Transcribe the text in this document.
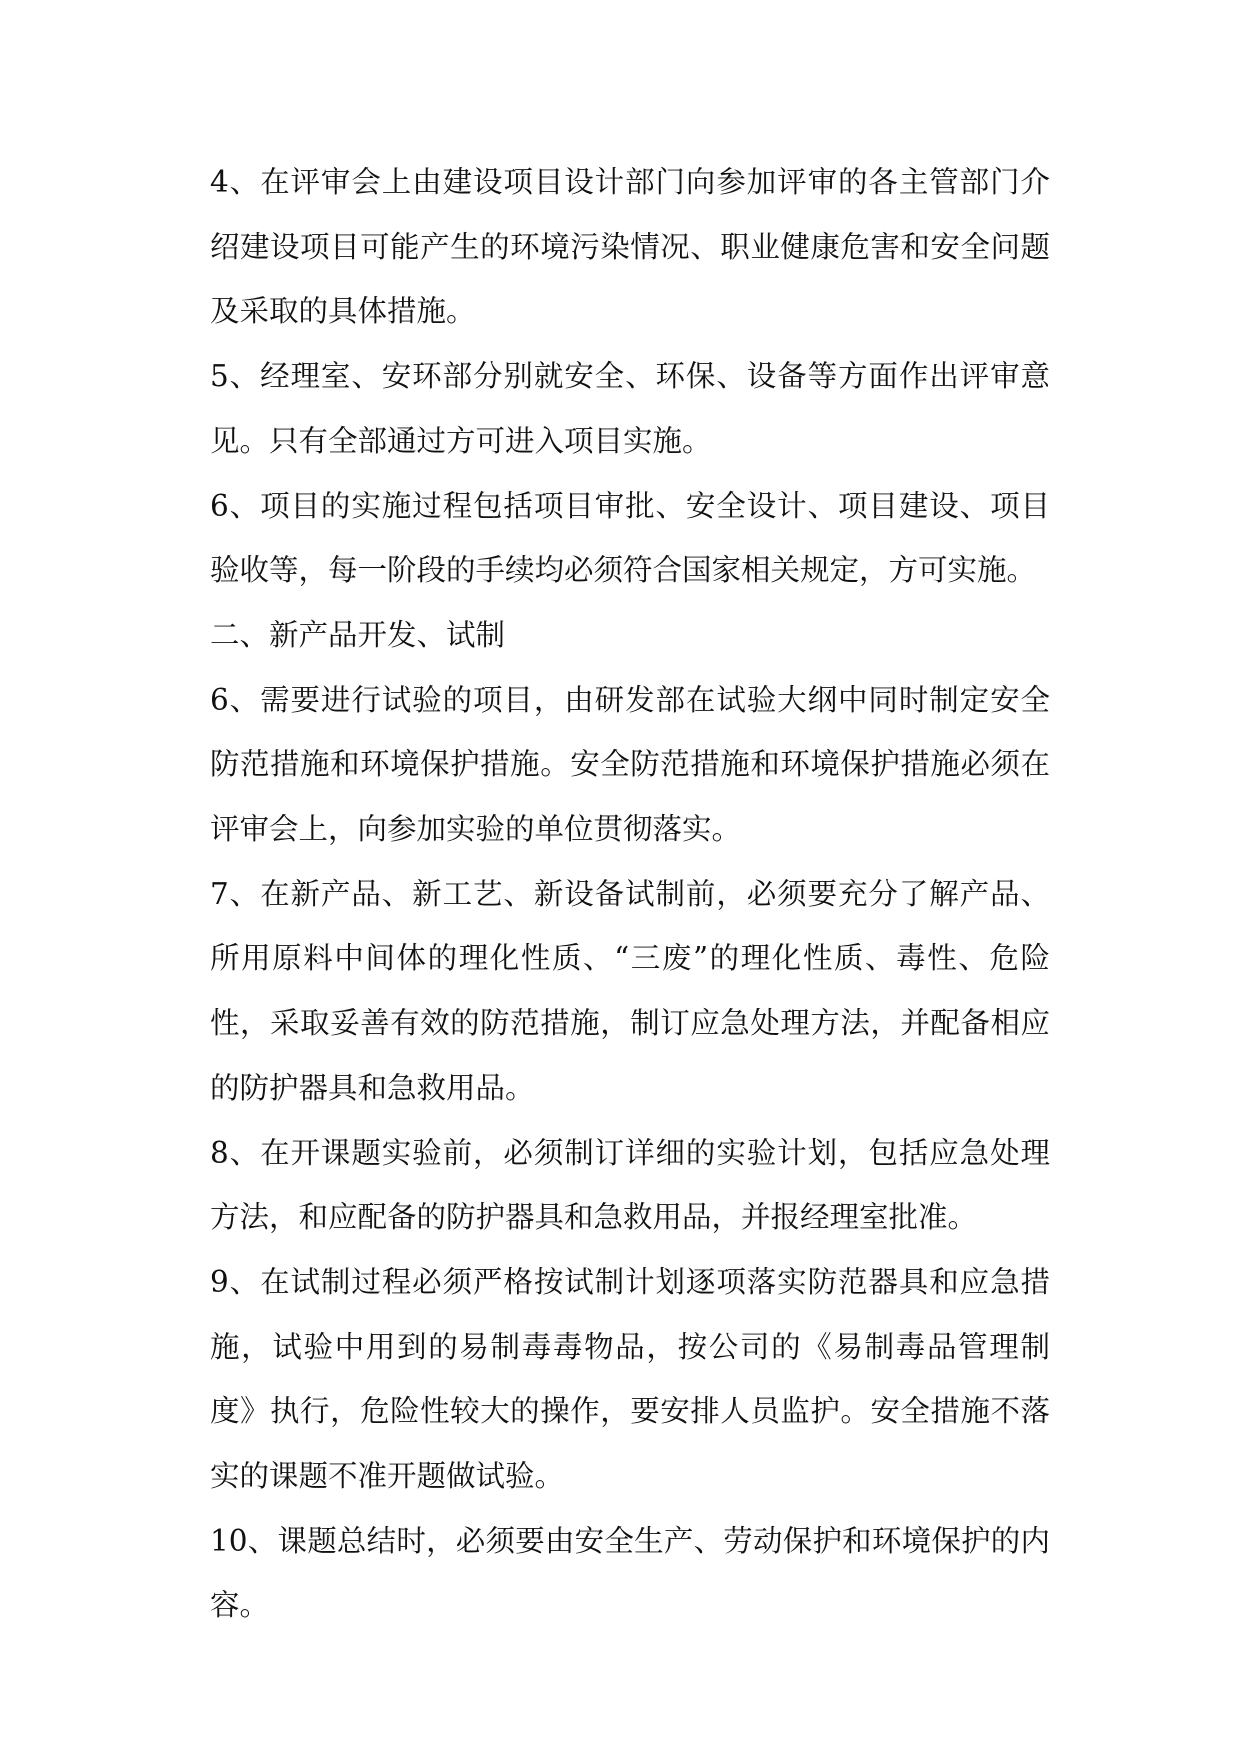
4、在评审会上由建设项目设计部门向参加评审的各主管部门介绍建设项目可能产生的环境污染情况、职业健康危害和安全问题及采取的具体措施。

5、经理室、安环部分别就安全、环保、设备等方面作出评审意见。只有全部通过方可进入项目实施。

6、项目的实施过程包括项目审批、安全设计、项目建设、项目验收等，每一阶段的手续均必须符合国家相关规定，方可实施。

二、新产品开发、试制

6、需要进行试验的项目，由研发部在试验大纲中同时制定安全防范措施和环境保护措施。安全防范措施和环境保护措施必须在评审会上，向参加实验的单位贯彻落实。

7、在新产品、新工艺、新设备试制前，必须要充分了解产品、所用原料中间体的理化性质、“三废”的理化性质、毒性、危险性，采取妥善有效的防范措施，制订应急处理方法，并配备相应的防护器具和急救用品。

8、在开课题实验前，必须制订详细的实验计划，包括应急处理方法，和应配备的防护器具和急救用品，并报经理室批准。

9、在试制过程必须严格按试制计划逐项落实防范器具和应急措施，试验中用到的易制毒毒物品，按公司的《易制毒品管理制度》执行，危险性较大的操作，要安排人员监护。安全措施不落实的课题不准开题做试验。

10、课题总结时，必须要由安全生产、劳动保护和环境保护的内容。
